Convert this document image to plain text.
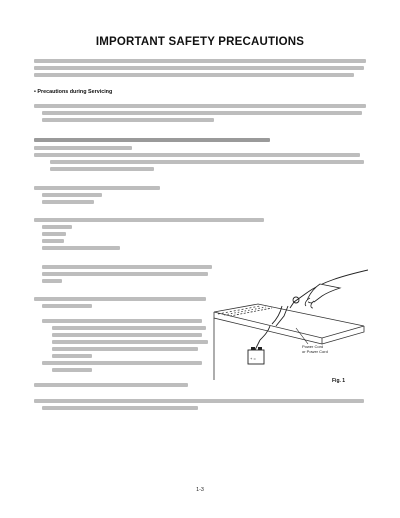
IMPORTANT SAFETY PRECAUTIONS
• Precautions during Servicing
+ =
Power Cord
or Power Cord
Fig. 1
1-3
